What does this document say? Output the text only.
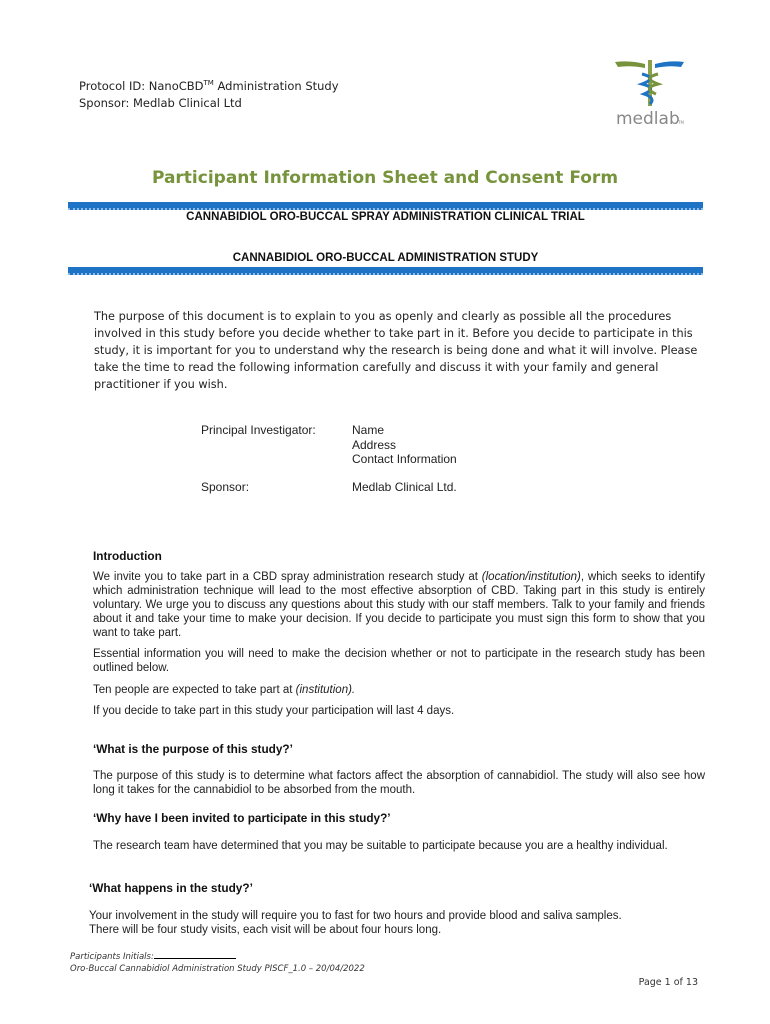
Protocol ID: NanoCBD™ Administration Study
Sponsor: Medlab Clinical Ltd
medlab
TM
Participant Information Sheet and Consent Form
CANNABIDIOL ORO-BUCCAL SPRAY ADMINISTRATION CLINICAL TRIAL
CANNABIDIOL ORO-BUCCAL ADMINISTRATION STUDY
The purpose of this document is to explain to you as openly and clearly as possible all the procedures involved in this study before you decide whether to take part in it. Before you decide to participate in this study, it is important for you to understand why the research is being done and what it will involve. Please take the time to read the following information carefully and discuss it with your family and general practitioner if you wish.
Principal Investigator:	Name
Address
Contact Information
Sponsor:	Medlab Clinical Ltd.
Introduction
We invite you to take part in a CBD spray administration research study at (location/institution), which seeks to identify which administration technique will lead to the most effective absorption of CBD. Taking part in this study is entirely voluntary. We urge you to discuss any questions about this study with our staff members. Talk to your family and friends about it and take your time to make your decision. If you decide to participate you must sign this form to show that you want to take part.
Essential information you will need to make the decision whether or not to participate in the research study has been outlined below.
Ten people are expected to take part at (institution).
If you decide to take part in this study your participation will last 4 days.
‘What is the purpose of this study?’
The purpose of this study is to determine what factors affect the absorption of cannabidiol. The study will also see how long it takes for the cannabidiol to be absorbed from the mouth.
‘Why have I been invited to participate in this study?’
The research team have determined that you may be suitable to participate because you are a healthy individual.
‘What happens in the study?’
Your involvement in the study will require you to fast for two hours and provide blood and saliva samples.
There will be four study visits, each visit will be about four hours long.
Participants Initials:
Oro-Buccal Cannabidiol Administration Study PISCF_1.0 – 20/04/2022
Page 1 of 13
